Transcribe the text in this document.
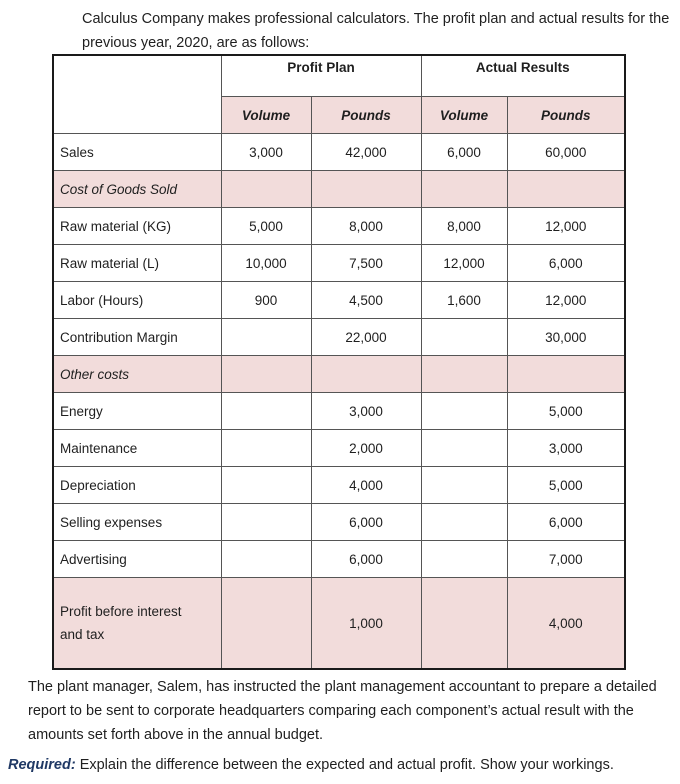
Calculus Company makes professional calculators. The profit plan and actual results for the previous year, 2020, are as follows:

	Profit Plan		Actual Results	
	Volume	Pounds	Volume	Pounds
Sales	3,000	42,000	6,000	60,000
Cost of Goods Sold				
Raw material (KG)	5,000	8,000	8,000	12,000
Raw material (L)	10,000	7,500	12,000	6,000
Labor (Hours)	900	4,500	1,600	12,000
Contribution Margin		22,000		30,000
Other costs				
Energy		3,000		5,000
Maintenance		2,000		3,000
Depreciation		4,000		5,000
Selling expenses		6,000		6,000
Advertising		6,000		7,000

Profit before interest
and tax		1,000		4,000

The plant manager, Salem, has instructed the plant management accountant to prepare a detailed report to be sent to corporate headquarters comparing each component’s actual result with the amounts set forth above in the annual budget.

Required: Explain the difference between the expected and actual profit. Show your workings.
